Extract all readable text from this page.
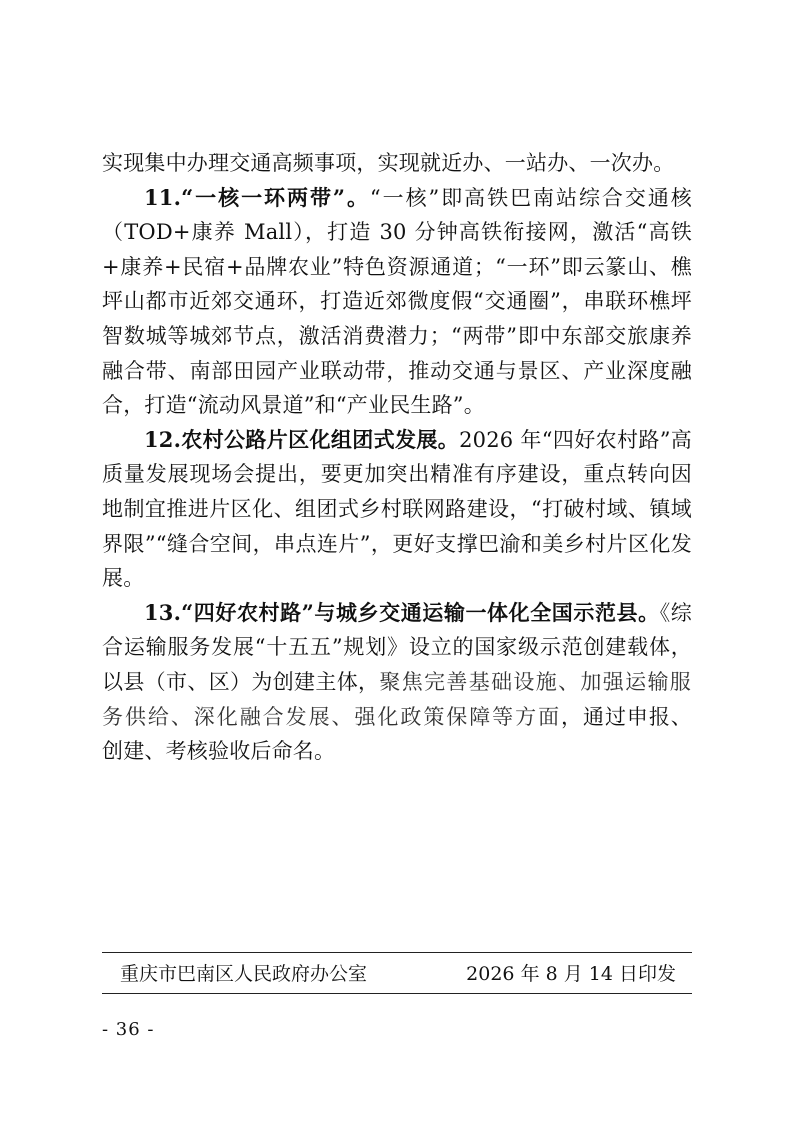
实现集中办理交通高频事项，实现就近办、一站办、一次办。

11.“一核一环两带”。“一核”即高铁巴南站综合交通核（TOD+康养 Mall），打造 30 分钟高铁衔接网，激活“高铁+康养+民宿+品牌农业”特色资源通道；“一环”即云篆山、樵坪山都市近郊交通环，打造近郊微度假“交通圈”，串联环樵坪智数城等城郊节点，激活消费潜力；“两带”即中东部交旅康养融合带、南部田园产业联动带，推动交通与景区、产业深度融合，打造“流动风景道”和“产业民生路”。

12.农村公路片区化组团式发展。2026 年“四好农村路”高质量发展现场会提出，要更加突出精准有序建设，重点转向因地制宜推进片区化、组团式乡村联网路建设，“打破村域、镇域界限”“缝合空间，串点连片”，更好支撑巴渝和美乡村片区化发展。

13.“四好农村路”与城乡交通运输一体化全国示范县。《综合运输服务发展“十五五”规划》设立的国家级示范创建载体，以县（市、区）为创建主体，聚焦完善基础设施、加强运输服务供给、深化融合发展、强化政策保障等方面，通过申报、创建、考核验收后命名。

重庆市巴南区人民政府办公室	2026 年 8 月 14 日印发
- 36 -
